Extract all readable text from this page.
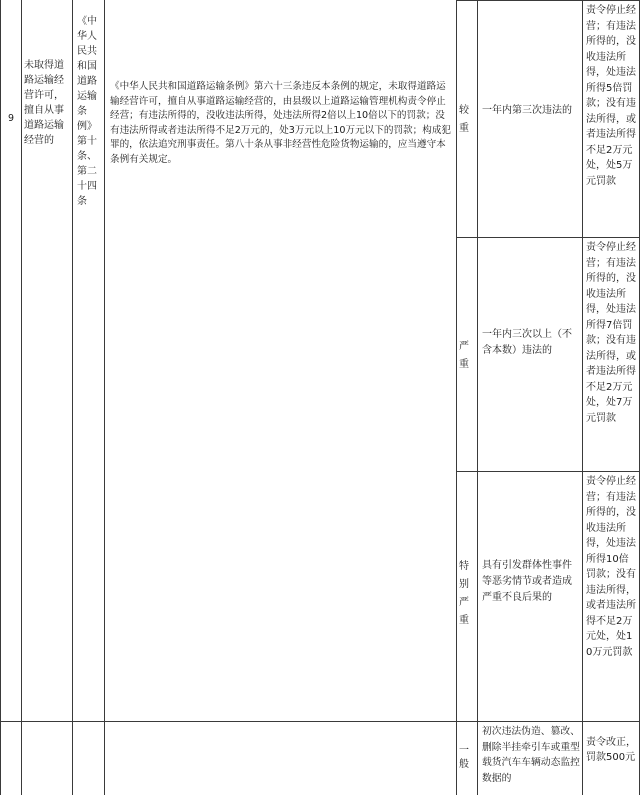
9
未取得道路运输经营许可，擅自从事道路运输经营的
《中华人民共和国道路运输条例》第十条、第二十四条
《中华人民共和国道路运输条例》第六十三条违反本条例的规定，未取得道路运输经营许可，擅自从事道路运输经营的，由县级以上道路运输管理机构责令停止经营；有违法所得的，没收违法所得，处违法所得2倍以上10倍以下的罚款；没有违法所得或者违法所得不足2万元的，处3万元以上10万元以下的罚款；构成犯罪的，依法追究刑事责任。第八十条从事非经营性危险货物运输的，应当遵守本条例有关规定。
较重
一年内第三次违法的
责令停止经营；有违法所得的，没收违法所得，处违法所得5倍罚款；没有违法所得，或者违法所得不足2万元处，处5万元罚款
严重
一年内三次以上（不含本数）违法的
责令停止经营；有违法所得的，没收违法所得，处违法所得7倍罚款；没有违法所得，或者违法所得不足2万元处，处7万元罚款
特别严重
具有引发群体性事件等恶劣情节或者造成严重不良后果的
责令停止经营；有违法所得的，没收违法所得，处违法所得10倍罚款；没有违法所得，或者违法所得不足2万元处，处10万元罚款
一般
初次违法伪造、篡改、删除半挂牵引车或重型载货汽车车辆动态监控数据的
责令改正，罚款500元
